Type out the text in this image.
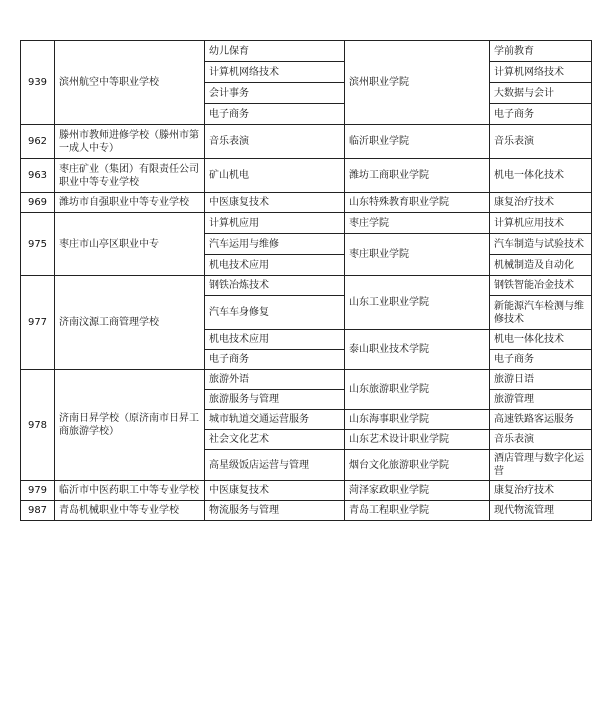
939	滨州航空中等职业学校	幼儿保育	滨州职业学院	学前教育
		计算机网络技术		计算机网络技术
		会计事务		大数据与会计
		电子商务		电子商务
962	滕州市教师进修学校（滕州市第一成人中专）	音乐表演	临沂职业学院	音乐表演
963	枣庄矿业（集团）有限责任公司职业中等专业学校	矿山机电	潍坊工商职业学院	机电一体化技术
969	潍坊市自强职业中等专业学校	中医康复技术	山东特殊教育职业学院	康复治疗技术
975	枣庄市山亭区职业中专	计算机应用	枣庄学院	计算机应用技术
		汽车运用与维修	枣庄职业学院	汽车制造与试验技术
		机电技术应用		机械制造及自动化
977	济南汶源工商管理学校	钢铁冶炼技术	山东工业职业学院	钢铁智能冶金技术
		汽车车身修复		新能源汽车检测与维修技术
		机电技术应用	泰山职业技术学院	机电一体化技术
		电子商务		电子商务
978	济南日昇学校（原济南市日昇工商旅游学校）	旅游外语	山东旅游职业学院	旅游日语
		旅游服务与管理		旅游管理
		城市轨道交通运营服务	山东海事职业学院	高速铁路客运服务
		社会文化艺术	山东艺术设计职业学院	音乐表演
		高星级饭店运营与管理	烟台文化旅游职业学院	酒店管理与数字化运营
979	临沂市中医药职工中等专业学校	中医康复技术	菏泽家政职业学院	康复治疗技术
987	青岛机械职业中等专业学校	物流服务与管理	青岛工程职业学院	现代物流管理
